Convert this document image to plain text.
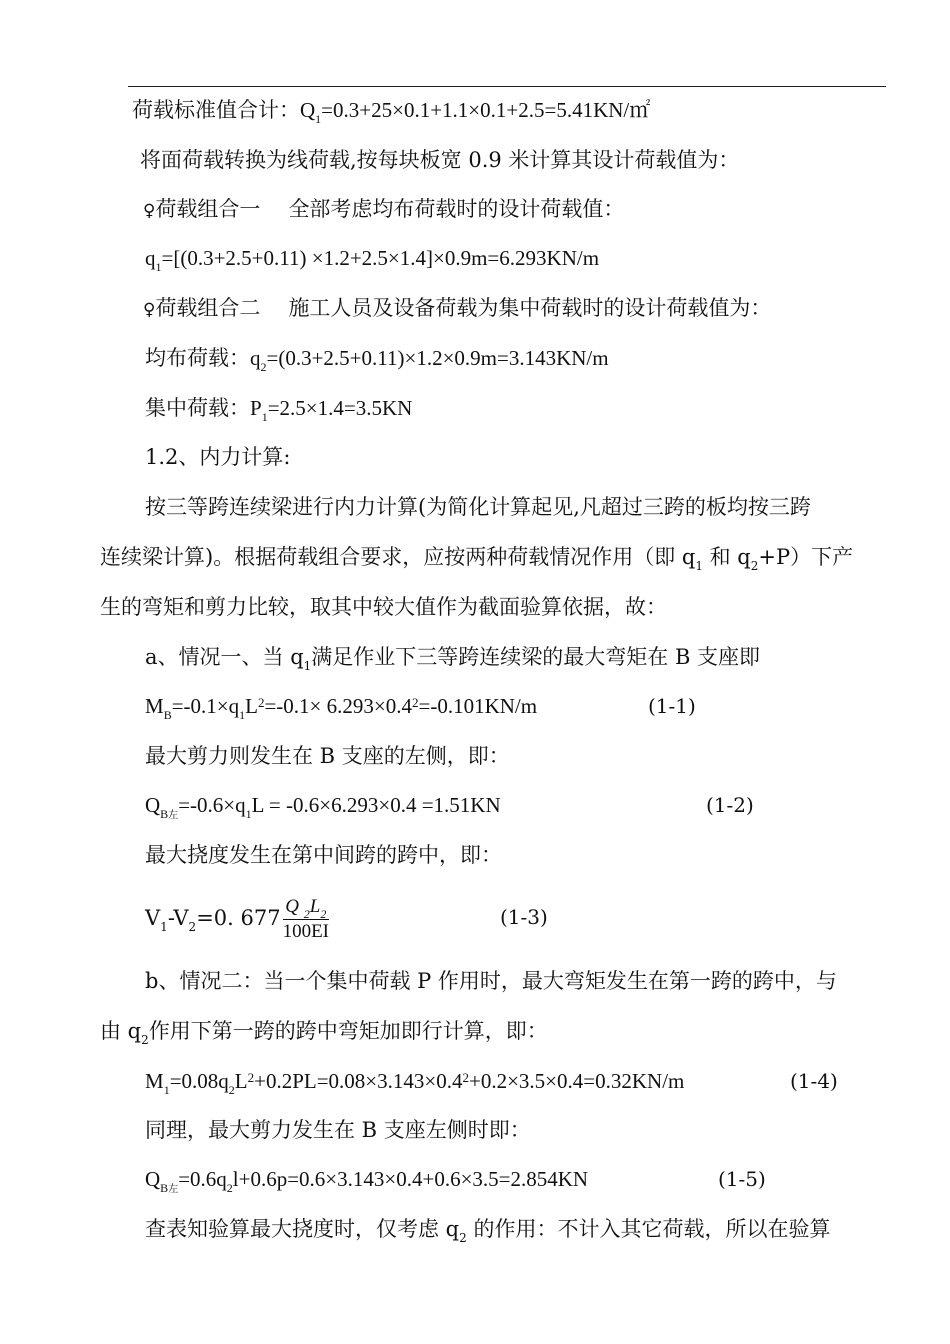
荷载标准值合计：$Q_1=0.3+25\times 0.1+1.1\times 0.1+2.5=5.41KN/㎡$
将面荷载转换为线荷载,按每块板宽 0.9 米计算其设计荷载值为：
♀荷载组合一 全部考虑均布荷载时的设计荷载值：
$q_1=[(0.3+2.5+0.11) \times 1.2+2.5\times 1.4]\times 0.9m=6.293KN/m$
♀荷载组合二 施工人员及设备荷载为集中荷载时的设计荷载值为：
均布荷载：$q_2=(0.3+2.5+0.11)\times 1.2\times 0.9m=3.143KN/m$
集中荷载：$P_1=2.5\times 1.4=3.5KN$
1.2、内力计算:
按三等跨连续梁进行内力计算(为简化计算起见,凡超过三跨的板均按三跨
连续梁计算)。根据荷载组合要求，应按两种荷载情况作用（即 $q_1$ 和 $q_2+P$）下产
生的弯矩和剪力比较，取其中较大值作为截面验算依据，故：
a、情况一、当 $q_1$满足作业下三等跨连续梁的最大弯矩在 B 支座即
$M_B=-0.1\times q_1L^2=-0.1\times 6.293\times 0.4^2=-0.101KN/m$	(1-1)
最大剪力则发生在 B 支座的左侧，即：
$Q_{B左}=-0.6\times q_1L = -0.6\times 6.293\times 0.4 =1.51KN$	(1-2)
最大挠度发生在第中间跨的跨中，即：
$V_1-V_2=0$. $677 \frac{Q _2L_2}{100EI}$	(1-3)
b、情况二：当一个集中荷载 P 作用时，最大弯矩发生在第一跨的跨中，与
由 $q_2$作用下第一跨的跨中弯矩加即行计算，即：
$M_1=0.08q_2L^2+0.2PL=0.08\times 3.143\times 0.4^2+0.2\times 3.5\times 0.4=0.32KN/m$	(1-4)
同理，最大剪力发生在 B 支座左侧时即：
$Q_{B左}=0.6q_2l+0.6p=0.6\times 3.143\times 0.4+0.6\times 3.5=2.854KN$	(1-5)
查表知验算最大挠度时，仅考虑 $q_2$ 的作用：不计入其它荷载，所以在验算
